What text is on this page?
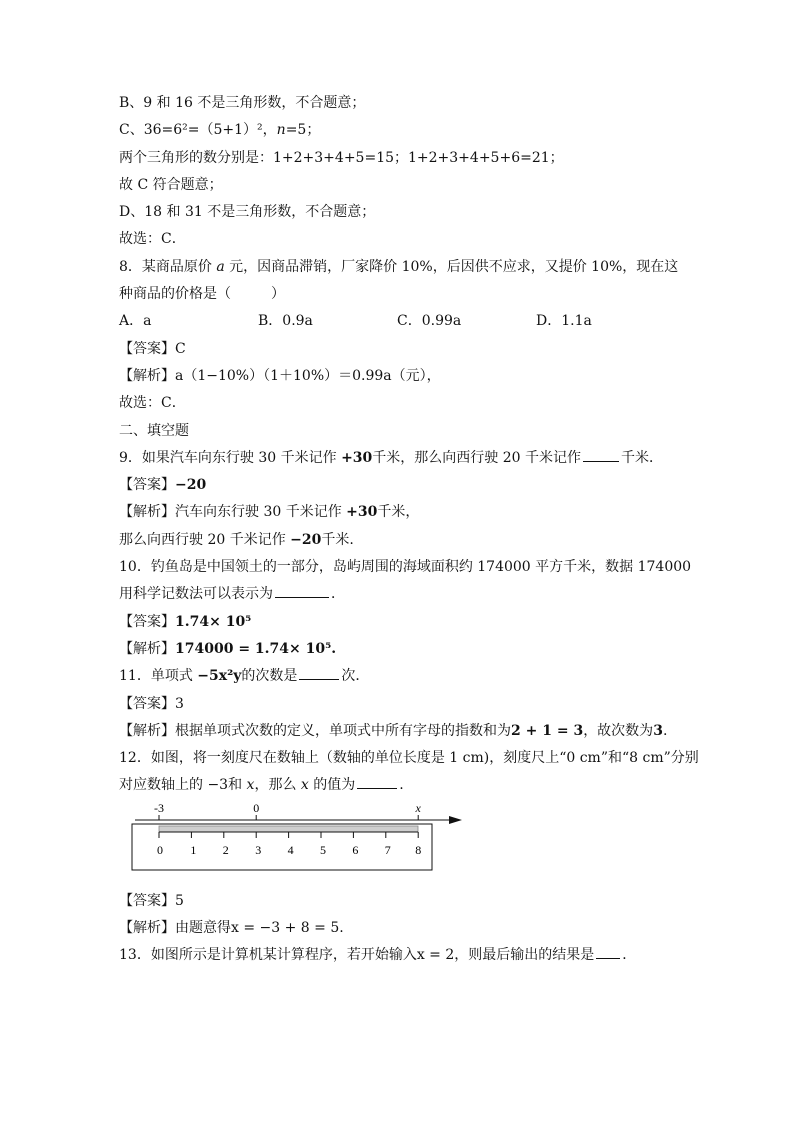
B、9 和 16 不是三角形数，不合题意；
C、36=6²=（5+1）²，n=5；
两个三角形的数分别是：1+2+3+4+5=15；1+2+3+4+5+6=21；
故 C 符合题意；
D、18 和 31 不是三角形数，不合题意；
故选：C．
8．某商品原价 a 元，因商品滞销，厂家降价 10%，后因供不应求，又提价 10%，现在这
种商品的价格是（	）
A．a	B．0.9a	C．0.99a	D．1.1a
【答案】C
【解析】a（1−10%）（1＋10%）＝0.99a（元），
故选：C．
二、填空题
9．如果汽车向东行驶 30 千米记作 +30千米，那么向西行驶 20 千米记作	千米．
【答案】−20
【解析】汽车向东行驶 30 千米记作 +30千米，
那么向西行驶 20 千米记作 −20千米.
10．钓鱼岛是中国领土的一部分，岛屿周围的海域面积约 174000 平方千米，数据 174000
用科学记数法可以表示为	．
【答案】1.74× 10⁵
【解析】174000 = 1.74× 10⁵.
11．单项式 −5x²y的次数是	次．
【答案】3
【解析】根据单项式次数的定义，单项式中所有字母的指数和为2 + 1 = 3，故次数为3.
12．如图，将一刻度尺在数轴上（数轴的单位长度是 1 cm)，刻度尺上“0 cm”和“8 cm”分别
对应数轴上的 −3和 x，那么 x 的值为	.
-3	0	x
0 1 2 3 4 5 6 7 8
【答案】5
【解析】由题意得x = −3 + 8 = 5.
13．如图所示是计算机某计算程序，若开始输入x = 2，则最后输出的结果是 ．
